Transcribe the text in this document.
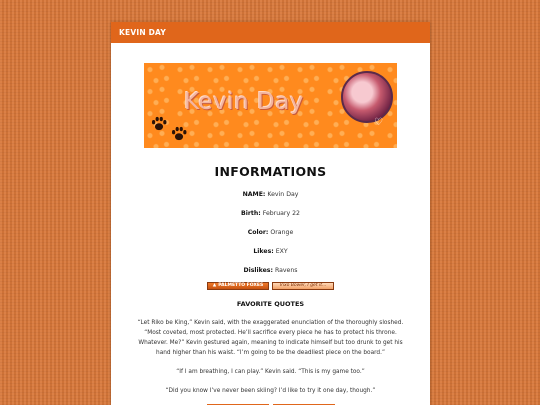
KEVIN DAY
Kevin Day
♡
INFORMATIONS
NAME: Kevin Day
Birth: February 22
Color: Orange
Likes: EXY
Dislikes: Ravens
▲ PALMETTO FOXES	Vixo Bower, I get it...
FAVORITE QUOTES
“Let Riko be King,” Kevin said, with the exaggerated enunciation of the thoroughly sloshed. “Most coveted, most protected. He’ll sacrifice every piece he has to protect his throne. Whatever. Me?” Kevin gestured again, meaning to indicate himself but too drunk to get his hand higher than his waist. “I’m going to be the deadliest piece on the board.”
“If I am breathing, I can play.” Kevin said. “This is my game too.”
“Did you know I’ve never been skiing? I’d like to try it one day, though.”
